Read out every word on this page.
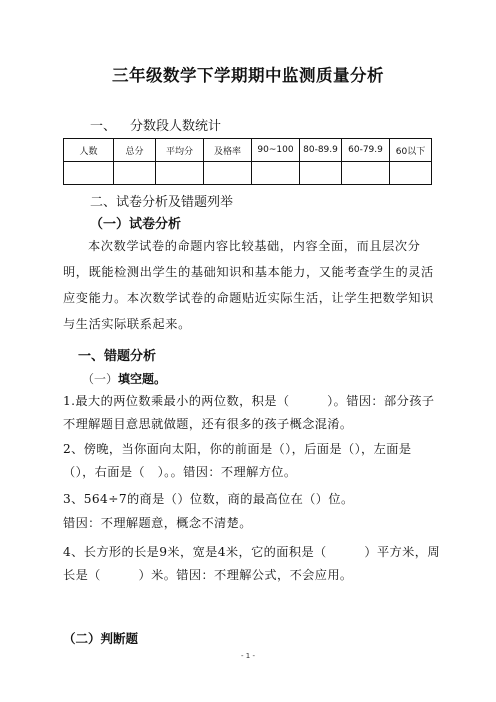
三年级数学下学期期中监测质量分析
一、 分数段人数统计
人数	总分	平均分	及格率	90~100	80-89.9	60-79.9	60以下

二、试卷分析及错题列举
（一）试卷分析
本次数学试卷的命题内容比较基础，内容全面，而且层次分明，既能检测出学生的基础知识和基本能力，又能考查学生的灵活应变能力。本次数学试卷的命题贴近实际生活，让学生把数学知识与生活实际联系起来。
一、错题分析
（一）填空题。
1.最大的两位数乘最小的两位数，积是（　　　）。错因：部分孩子不理解题目意思就做题，还有很多的孩子概念混淆。
2、傍晚，当你面向太阳，你的前面是（），后面是（），左面是（），右面是（　）。。错因：不理解方位。
3、564÷7的商是（）位数，商的最高位在（）位。
错因：不理解题意，概念不清楚。
4、长方形的长是9米，宽是4米，它的面积是（　　　）平方米，周长是（　　　）米。错因：不理解公式，不会应用。
（二）判断题
- 1 -
